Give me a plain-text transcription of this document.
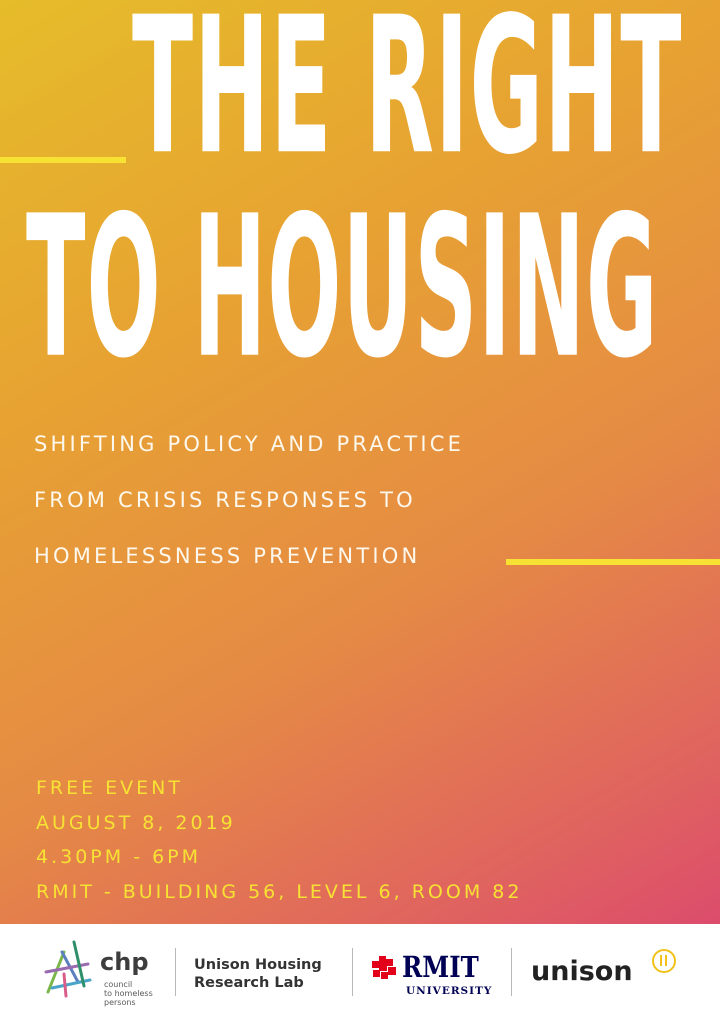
THE RIGHT
TO HOUSING

SHIFTING POLICY AND PRACTICE

FROM CRISIS RESPONSES TO

HOMELESSNESS PREVENTION

FREE EVENT

AUGUST 8, 2019

4.30PM - 6PM

RMIT - BUILDING 56, LEVEL 6, ROOM 82

chp
council
to homeless
persons
Unison Housing
Research Lab	RMIT
UNIVERSITY
unison
